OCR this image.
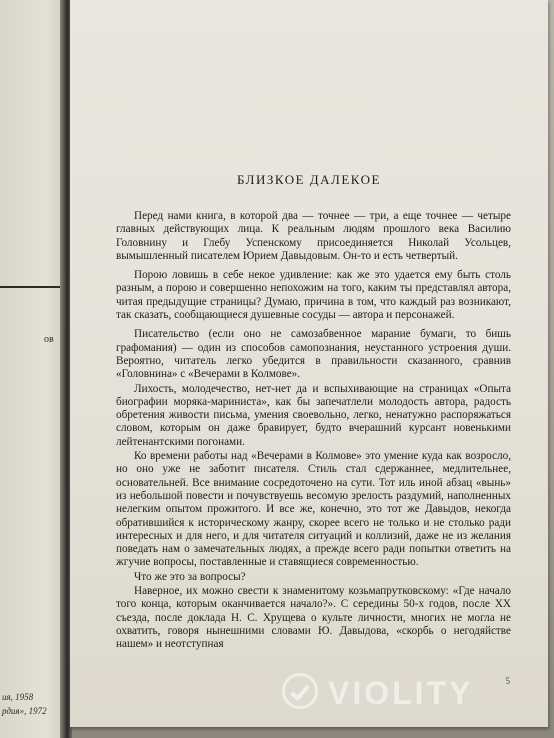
ов
ия, 1958
рдия», 1972
БЛИЗКОЕ ДАЛЕКОЕ

Перед нами книга, в которой два — точнее — три, а еще точнее — четыре главных действующих лица. К реальным людям прошлого века Василию Головнину и Глебу Успенскому присоединяется Николай Усольцев, вымышленный писателем Юрием Давыдовым. Он-то и есть четвертый.

Порою ловишь в себе некое удивление: как же это удается ему быть столь разным, а порою и совершенно непохожим на того, каким ты представлял автора, читая предыдущие страницы? Думаю, причина в том, что каждый раз возникают, так сказать, сообщающиеся душевные сосуды — автора и персонажей.

Писательство (если оно не самозабвенное марание бумаги, то бишь графомания) — один из способов самопознания, неустанного устроения души. Вероятно, читатель легко убедится в правильности сказанного, сравнив «Головнина» с «Вечерами в Колмове».

Лихость, молодечество, нет-нет да и вспыхивающие на страницах «Опыта биографии моряка-мариниста», как бы запечатлели молодость автора, радость обретения живости письма, умения своевольно, легко, ненатужно распоряжаться словом, которым он даже бравирует, будто вчерашний курсант новенькими лейтенантскими погонами.

Ко времени работы над «Вечерами в Колмове» это умение куда как возросло, но оно уже не заботит писателя. Стиль стал сдержаннее, медлительнее, основательней. Все внимание сосредоточено на сути. Тот иль иной абзац «вынь» из небольшой повести и почувствуешь весомую зрелость раздумий, наполненных нелегким опытом прожитого. И все же, конечно, это тот же Давыдов, некогда обратившийся к историческому жанру, скорее всего не только и не столько ради интересных и для него, и для читателя ситуаций и коллизий, даже не из желания поведать нам о замечательных людях, а прежде всего ради попытки ответить на жгучие вопросы, поставленные и ставящиеся современностью.

Что же это за вопросы?

Наверное, их можно свести к знаменитому козьмапрутковскому: «Где начало того конца, которым оканчивается начало?». С середины 50-х годов, после XX съезда, после доклада Н. С. Хрущева о культе личности, многих не могла не охватить, говоря нынешними словами Ю. Давыдова, «скорбь о негодяйстве нашем» и неотступная

5
VIOLITY
